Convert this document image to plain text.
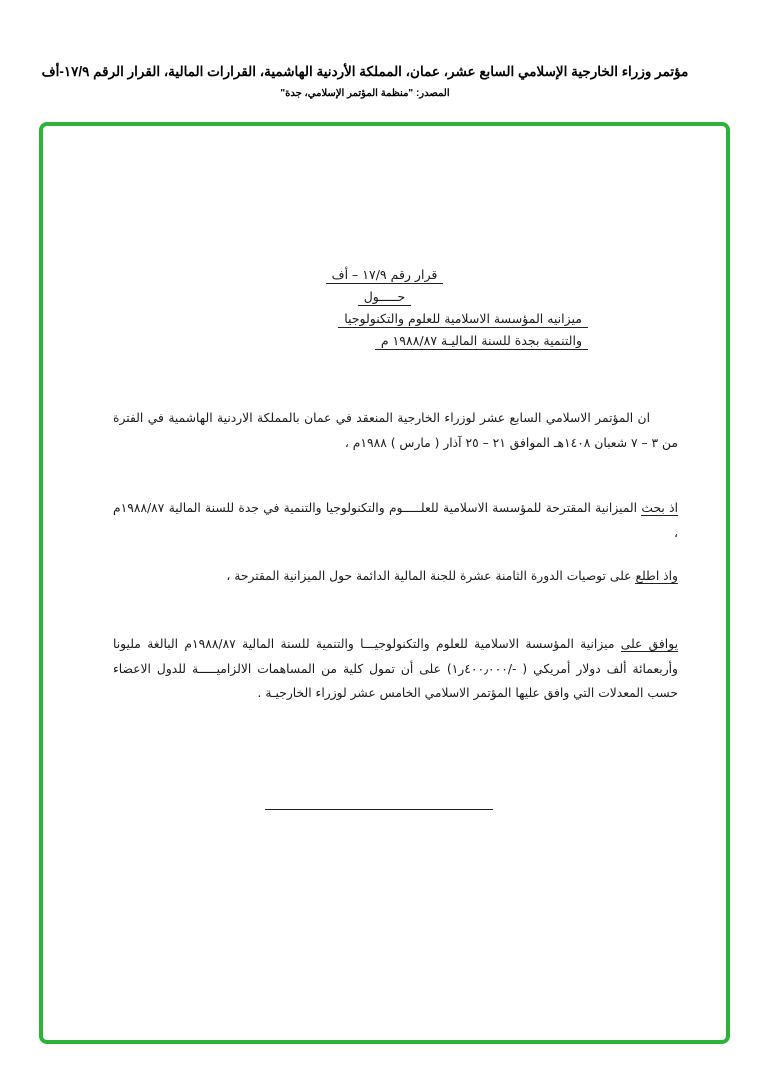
مؤتمر وزراء الخارجية الإسلامي السابع عشر، عمان، المملكة الأردنية الهاشمية، القرارات المالية، القرار الرقم ١٧/٩-أف
المصدر: "منظمة المؤتمر الإسلامي، جدة"
قرار رقم ١٧/٩ – أف
حـــــول
ميزانيه المؤسسة الاسلامية للعلوم والتكنولوجيا
والتنمية بجدة للسنة الماليـة ١٩٨٨/٨٧ م
ان المؤتمر الاسلامي السابع عشر لوزراء الخارجية المنعقد في عمان بالمملكة الاردنية الهاشمية في الفترة من ٣ – ٧ شعبان ١٤٠٨هـ الموافق ٢١ – ٢٥ آذار ( مارس ) ١٩٨٨م ،
اذ بحث الميزانية المقترحة للمؤسسة الاسلامية للعلـــــوم والتكنولوجيا والتنمية في جدة للسنة المالية ١٩٨٨/٨٧م ،
واذ اطلع على توصيات الدورة الثامنة عشرة للجنة المالية الدائمة حول الميزانية المقترحة ،
يوافق على ميزانية المؤسسة الاسلامية للعلوم والتكنولوجيـــا والتنمية للسنة المالية ١٩٨٨/٨٧م البالغة مليونا وأربعمائة ألف دولار أمريكي ( -/٤٠٠٫٠٠٠ر١) على أن تمول كلية من المساهمات الالزاميـــــة للدول الاعضاء حسب المعدلات التي وافق عليها المؤتمر الاسلامي الخامس عشر لوزراء الخارجيـة .
